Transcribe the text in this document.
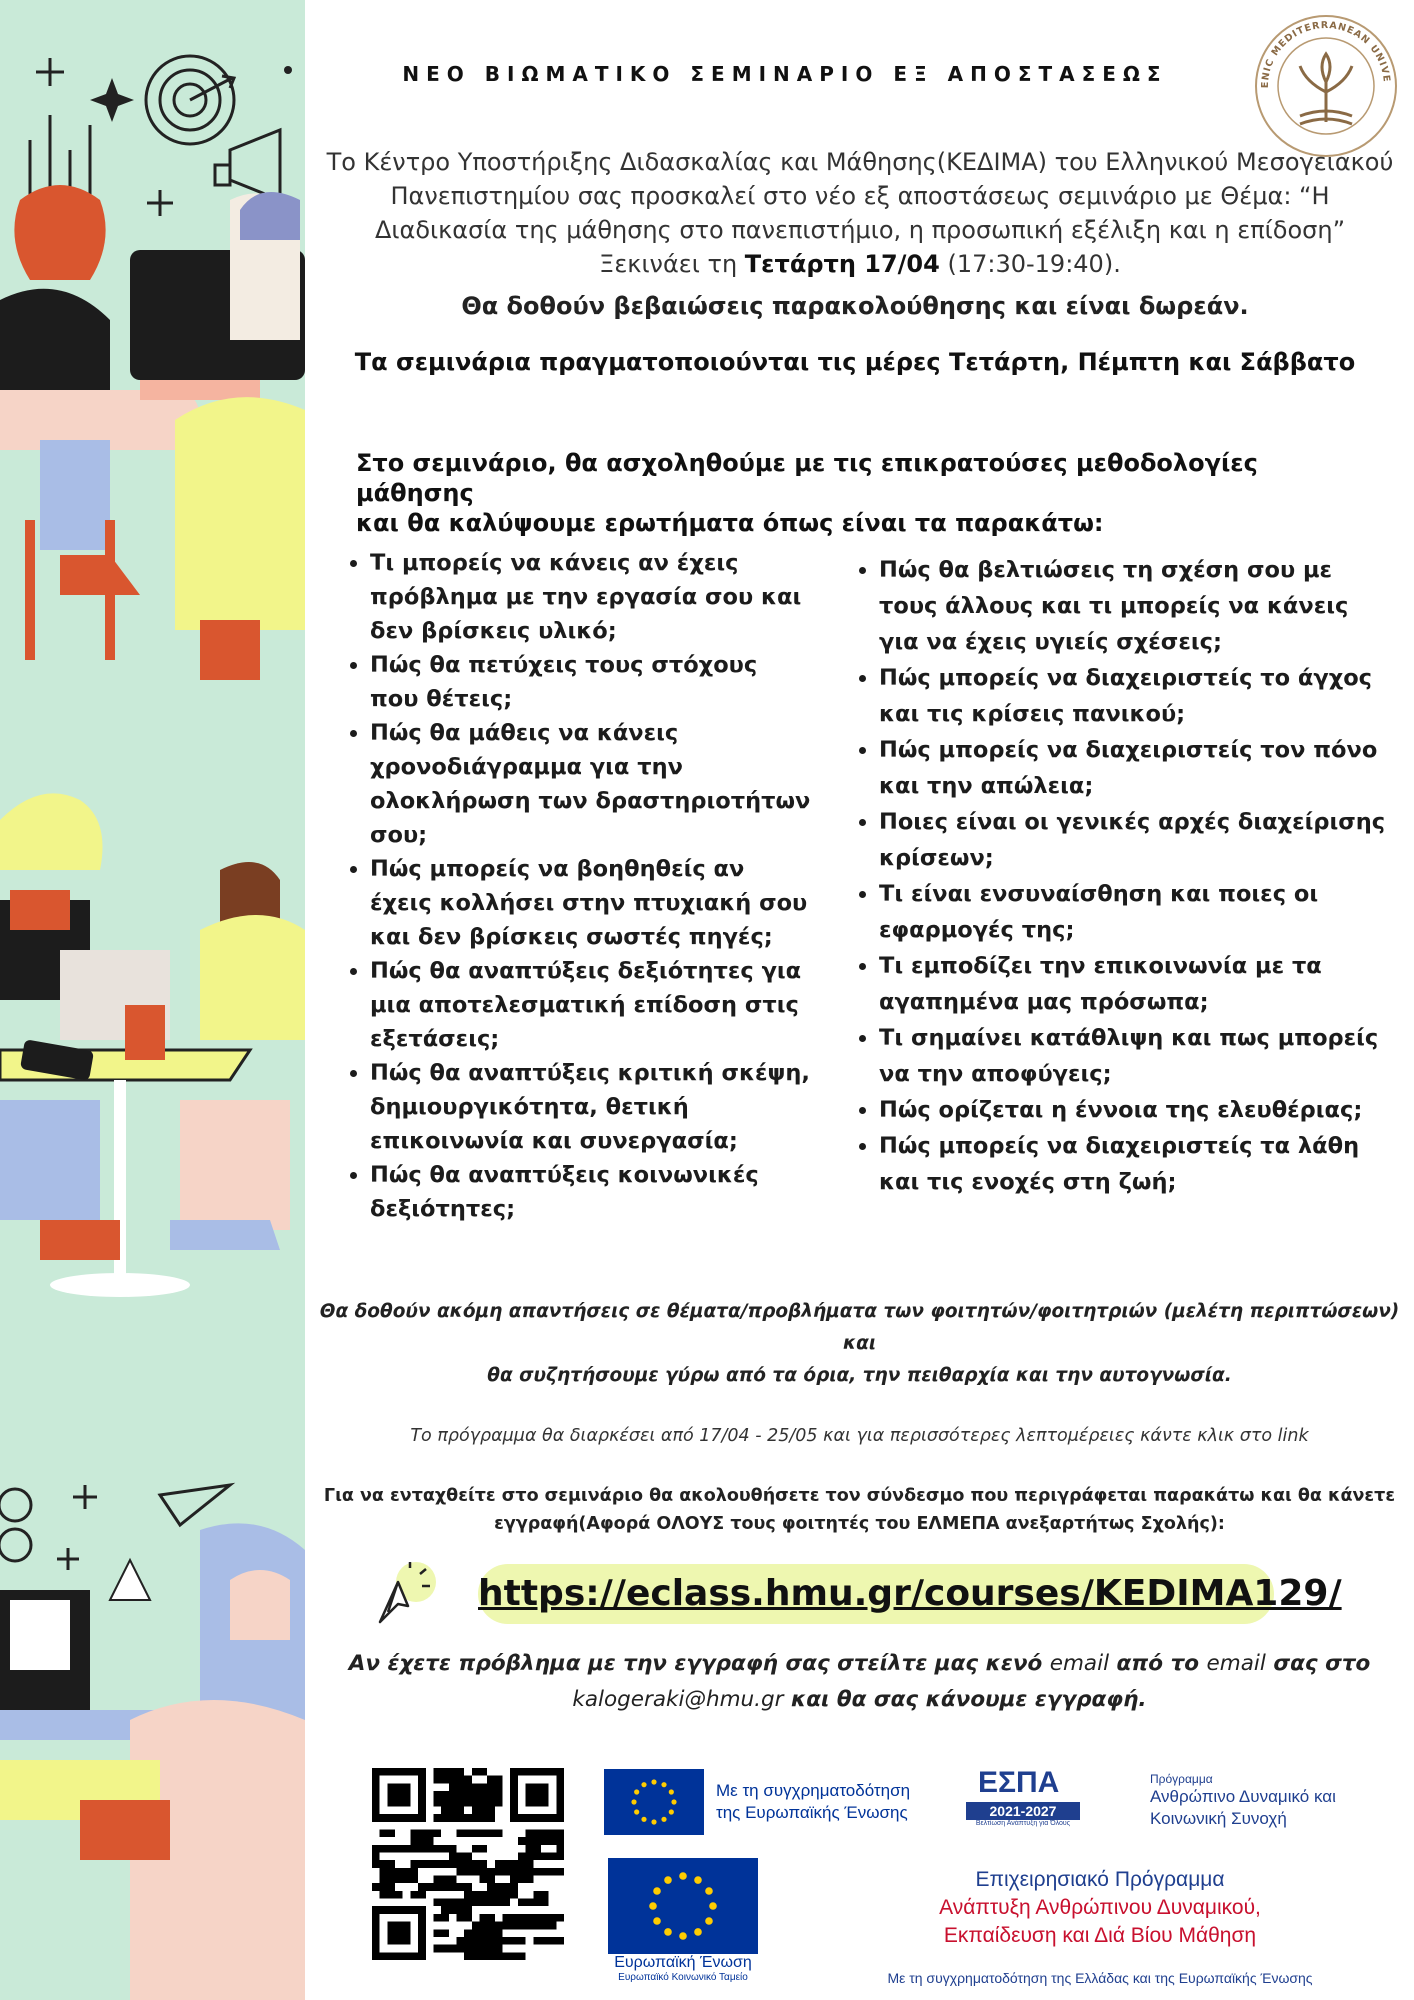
ENIC MEDITERRANEAN UNIVE
ΝΕΟ ΒΙΩΜΑΤΙΚΟ ΣΕΜΙΝΑΡΙΟ ΕΞ ΑΠΟΣΤΑΣΕΩΣ
Το Κέντρο Υποστήριξης Διδασκαλίας και Μάθησης(ΚΕΔΙΜΑ) του Ελληνικού Μεσογειακού
Πανεπιστημίου σας προσκαλεί στο νέο εξ αποστάσεως σεμινάριο με Θέμα: “Η
Διαδικασία της μάθησης στο πανεπιστήμιο, η προσωπική εξέλιξη και η επίδοση”
Ξεκινάει τη Τετάρτη 17/04 (17:30-19:40).
Θα δοθούν βεβαιώσεις παρακολούθησης και είναι δωρεάν.
Τα σεμινάρια πραγματοποιούνται τις μέρες Τετάρτη, Πέμπτη και Σάββατο
Στο σεμινάριο, θα ασχοληθούμε με τις επικρατούσες μεθοδολογίες μάθησης
και θα καλύψουμε ερωτήματα όπως είναι τα παρακάτω:
• Τι μπορείς να κάνεις αν έχεις πρόβλημα με την εργασία σου και δεν βρίσκεις υλικό;
• Πώς θα πετύχεις τους στόχους που θέτεις;
• Πώς θα μάθεις να κάνεις χρονοδιάγραμμα για την ολοκλήρωση των δραστηριοτήτων σου;
• Πώς μπορείς να βοηθηθείς αν έχεις κολλήσει στην πτυχιακή σου και δεν βρίσκεις σωστές πηγές;
• Πώς θα αναπτύξεις δεξιότητες για μια αποτελεσματική επίδοση στις εξετάσεις;
• Πώς θα αναπτύξεις κριτική σκέψη, δημιουργικότητα, θετική επικοινωνία και συνεργασία;
• Πώς θα αναπτύξεις κοινωνικές δεξιότητες;
• Πώς θα βελτιώσεις τη σχέση σου με τους άλλους και τι μπορείς να κάνεις για να έχεις υγιείς σχέσεις;
• Πώς μπορείς να διαχειριστείς το άγχος και τις κρίσεις πανικού;
• Πώς μπορείς να διαχειριστείς τον πόνο και την απώλεια;
• Ποιες είναι οι γενικές αρχές διαχείρισης κρίσεων;
• Τι είναι ενσυναίσθηση και ποιες οι εφαρμογές της;
• Τι εμποδίζει την επικοινωνία με τα αγαπημένα μας πρόσωπα;
• Τι σημαίνει κατάθλιψη και πως μπορείς να την αποφύγεις;
• Πώς ορίζεται η έννοια της ελευθέριας;
• Πώς μπορείς να διαχειριστείς τα λάθη και τις ενοχές στη ζωή;
Θα δοθούν ακόμη απαντήσεις σε θέματα/προβλήματα των φοιτητών/φοιτητριών (μελέτη περιπτώσεων) και
θα συζητήσουμε γύρω από τα όρια, την πειθαρχία και την αυτογνωσία.
Το πρόγραμμα θα διαρκέσει από 17/04 - 25/05 και για περισσότερες λεπτομέρειες κάντε κλικ στο link
Για να ενταχθείτε στο σεμινάριο θα ακολουθήσετε τον σύνδεσμο που περιγράφεται παρακάτω και θα κάνετε
εγγραφή(Αφορά ΟΛΟΥΣ τους φοιτητές του ΕΛΜΕΠΑ ανεξαρτήτως Σχολής):
https://eclass.hmu.gr/courses/KEDIMA129/
Αν έχετε πρόβλημα με την εγγραφή σας στείλτε μας κενό email από το email σας στο
kalogeraki@hmu.gr και θα σας κάνουμε εγγραφή.
Με τη συγχρηματοδότηση
της Ευρωπαϊκής Ένωσης
ΕΣΠΑ
2021-2027
Βελτίωση Ανάπτυξη για Όλους
Πρόγραμμα
Ανθρώπινο Δυναμικό και
Κοινωνική Συνοχή
Ευρωπαϊκή Ένωση
Ευρωπαϊκό Κοινωνικό Ταμείο
Επιχειρησιακό Πρόγραμμα
Ανάπτυξη Ανθρώπινου Δυναμικού,
Εκπαίδευση και Διά Βίου Μάθηση
Με τη συγχρηματοδότηση της Ελλάδας και της Ευρωπαϊκής Ένωσης
